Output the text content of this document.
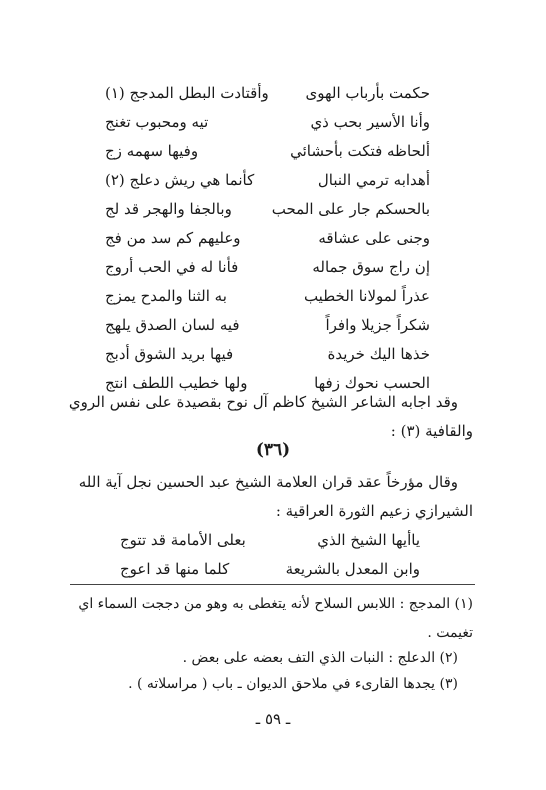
حكمت بأرباب الهوى
وأقتادت البطل المدجج (١)
وأنا الأسير بحب ذي
تيه ومحبوب تغنج
ألحاظه فتكت بأحشائي
وفيها سهمه زج
أهدابه ترمي النبال
كأنما هي ريش دعلج (٢)
بالحسكم جار على المحب
وبالجفا والهجر قد لج
وجنى على عشاقه
وعليهم كم سد من فج
إن راج سوق جماله
فأنا له في الحب أروج
عذراً لمولانا الخطيب
به الثنا والمدح يمزج
شكراً جزيلا وافراً
فيه لسان الصدق يلهج
خذها اليك خريدة
فيها بريد الشوق أدبج
الحسب نحوك زفها
ولها خطيب اللطف انتج
وقد اجابه الشاعر الشيخ كاظم آل نوح بقصيدة على نفس الروي
والقافية (٣) :
(٣٦)
وقال مؤرخاً عقد قران العلامة الشيخ عبد الحسين نجل آية الله
الشيرازي زعيم الثورة العراقية :
ياأيها الشيخ الذي
بعلى الأمامة قد تتوج
وابن المعدل بالشريعة
كلما منها قد اعوج
(١) المدجج : اللابس السلاح لأنه يتغطى به وهو من دججت السماء اي
تغيمت .
(٢) الدعلج : النبات الذي التف بعضه على بعض .
(٣) يجدها القارىء في ملاحق الديوان ـ باب ( مراسلاته ) .
ـ ٥٩ ـ
